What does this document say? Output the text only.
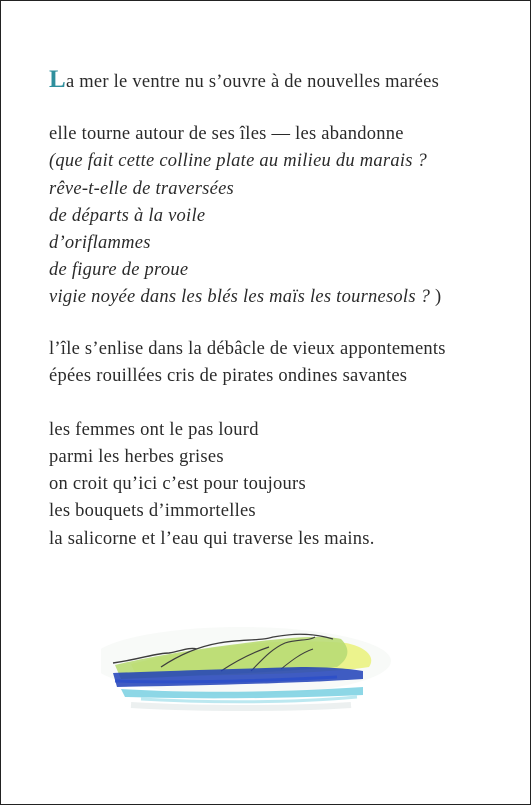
La mer le ventre nu s’ouvre à de nouvelles marées
elle tourne autour de ses îles — les abandonne
(que fait cette colline plate au milieu du marais ?
rêve-t-elle de traversées
de départs à la voile
d’oriflammes
de figure de proue
vigie noyée dans les blés les maïs les tournesols ? )
l’île s’enlise dans la débâcle de vieux appontements
épées rouillées cris de pirates ondines savantes
les femmes ont le pas lourd
parmi les herbes grises
on croit qu’ici c’est pour toujours
les bouquets d’immortelles
la salicorne et l’eau qui traverse les mains.
